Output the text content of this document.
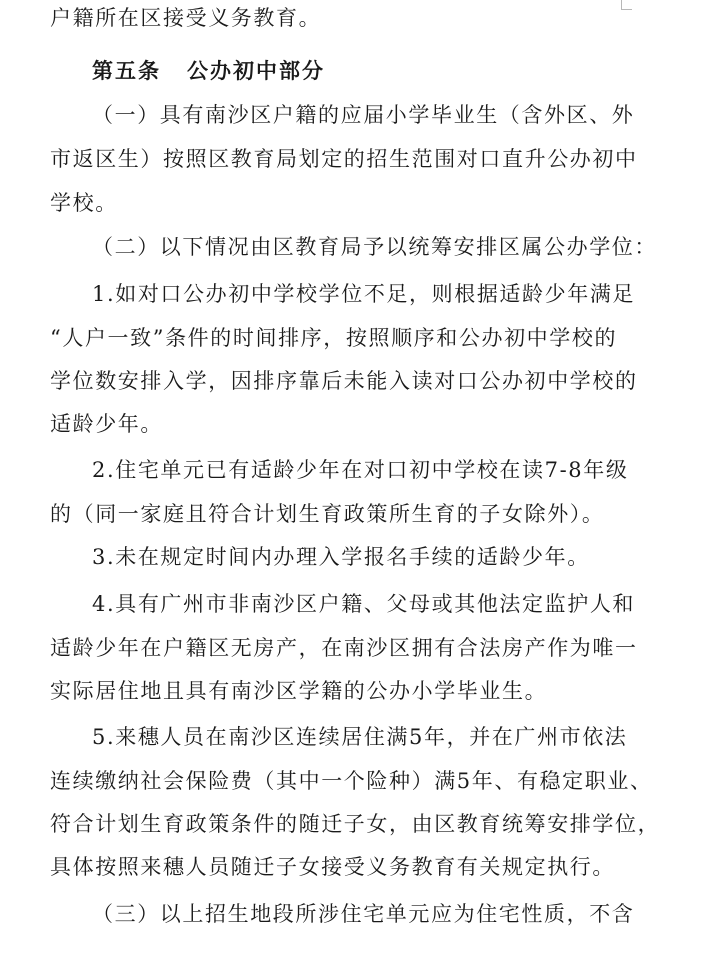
户籍所在区接受义务教育。
第五条 公办初中部分
（一）具有南沙区户籍的应届小学毕业生（含外区、外
市返区生）按照区教育局划定的招生范围对口直升公办初中
学校。
（二）以下情况由区教育局予以统筹安排区属公办学位：
1.如对口公办初中学校学位不足，则根据适龄少年满足
“人户一致”条件的时间排序，按照顺序和公办初中学校的
学位数安排入学，因排序靠后未能入读对口公办初中学校的
适龄少年。
2.住宅单元已有适龄少年在对口初中学校在读7-8年级
的（同一家庭且符合计划生育政策所生育的子女除外）。
3.未在规定时间内办理入学报名手续的适龄少年。
4.具有广州市非南沙区户籍、父母或其他法定监护人和
适龄少年在户籍区无房产，在南沙区拥有合法房产作为唯一
实际居住地且具有南沙区学籍的公办小学毕业生。
5.来穗人员在南沙区连续居住满5年，并在广州市依法
连续缴纳社会保险费（其中一个险种）满5年、有稳定职业、
符合计划生育政策条件的随迁子女，由区教育统筹安排学位，
具体按照来穗人员随迁子女接受义务教育有关规定执行。
（三）以上招生地段所涉住宅单元应为住宅性质，不含
